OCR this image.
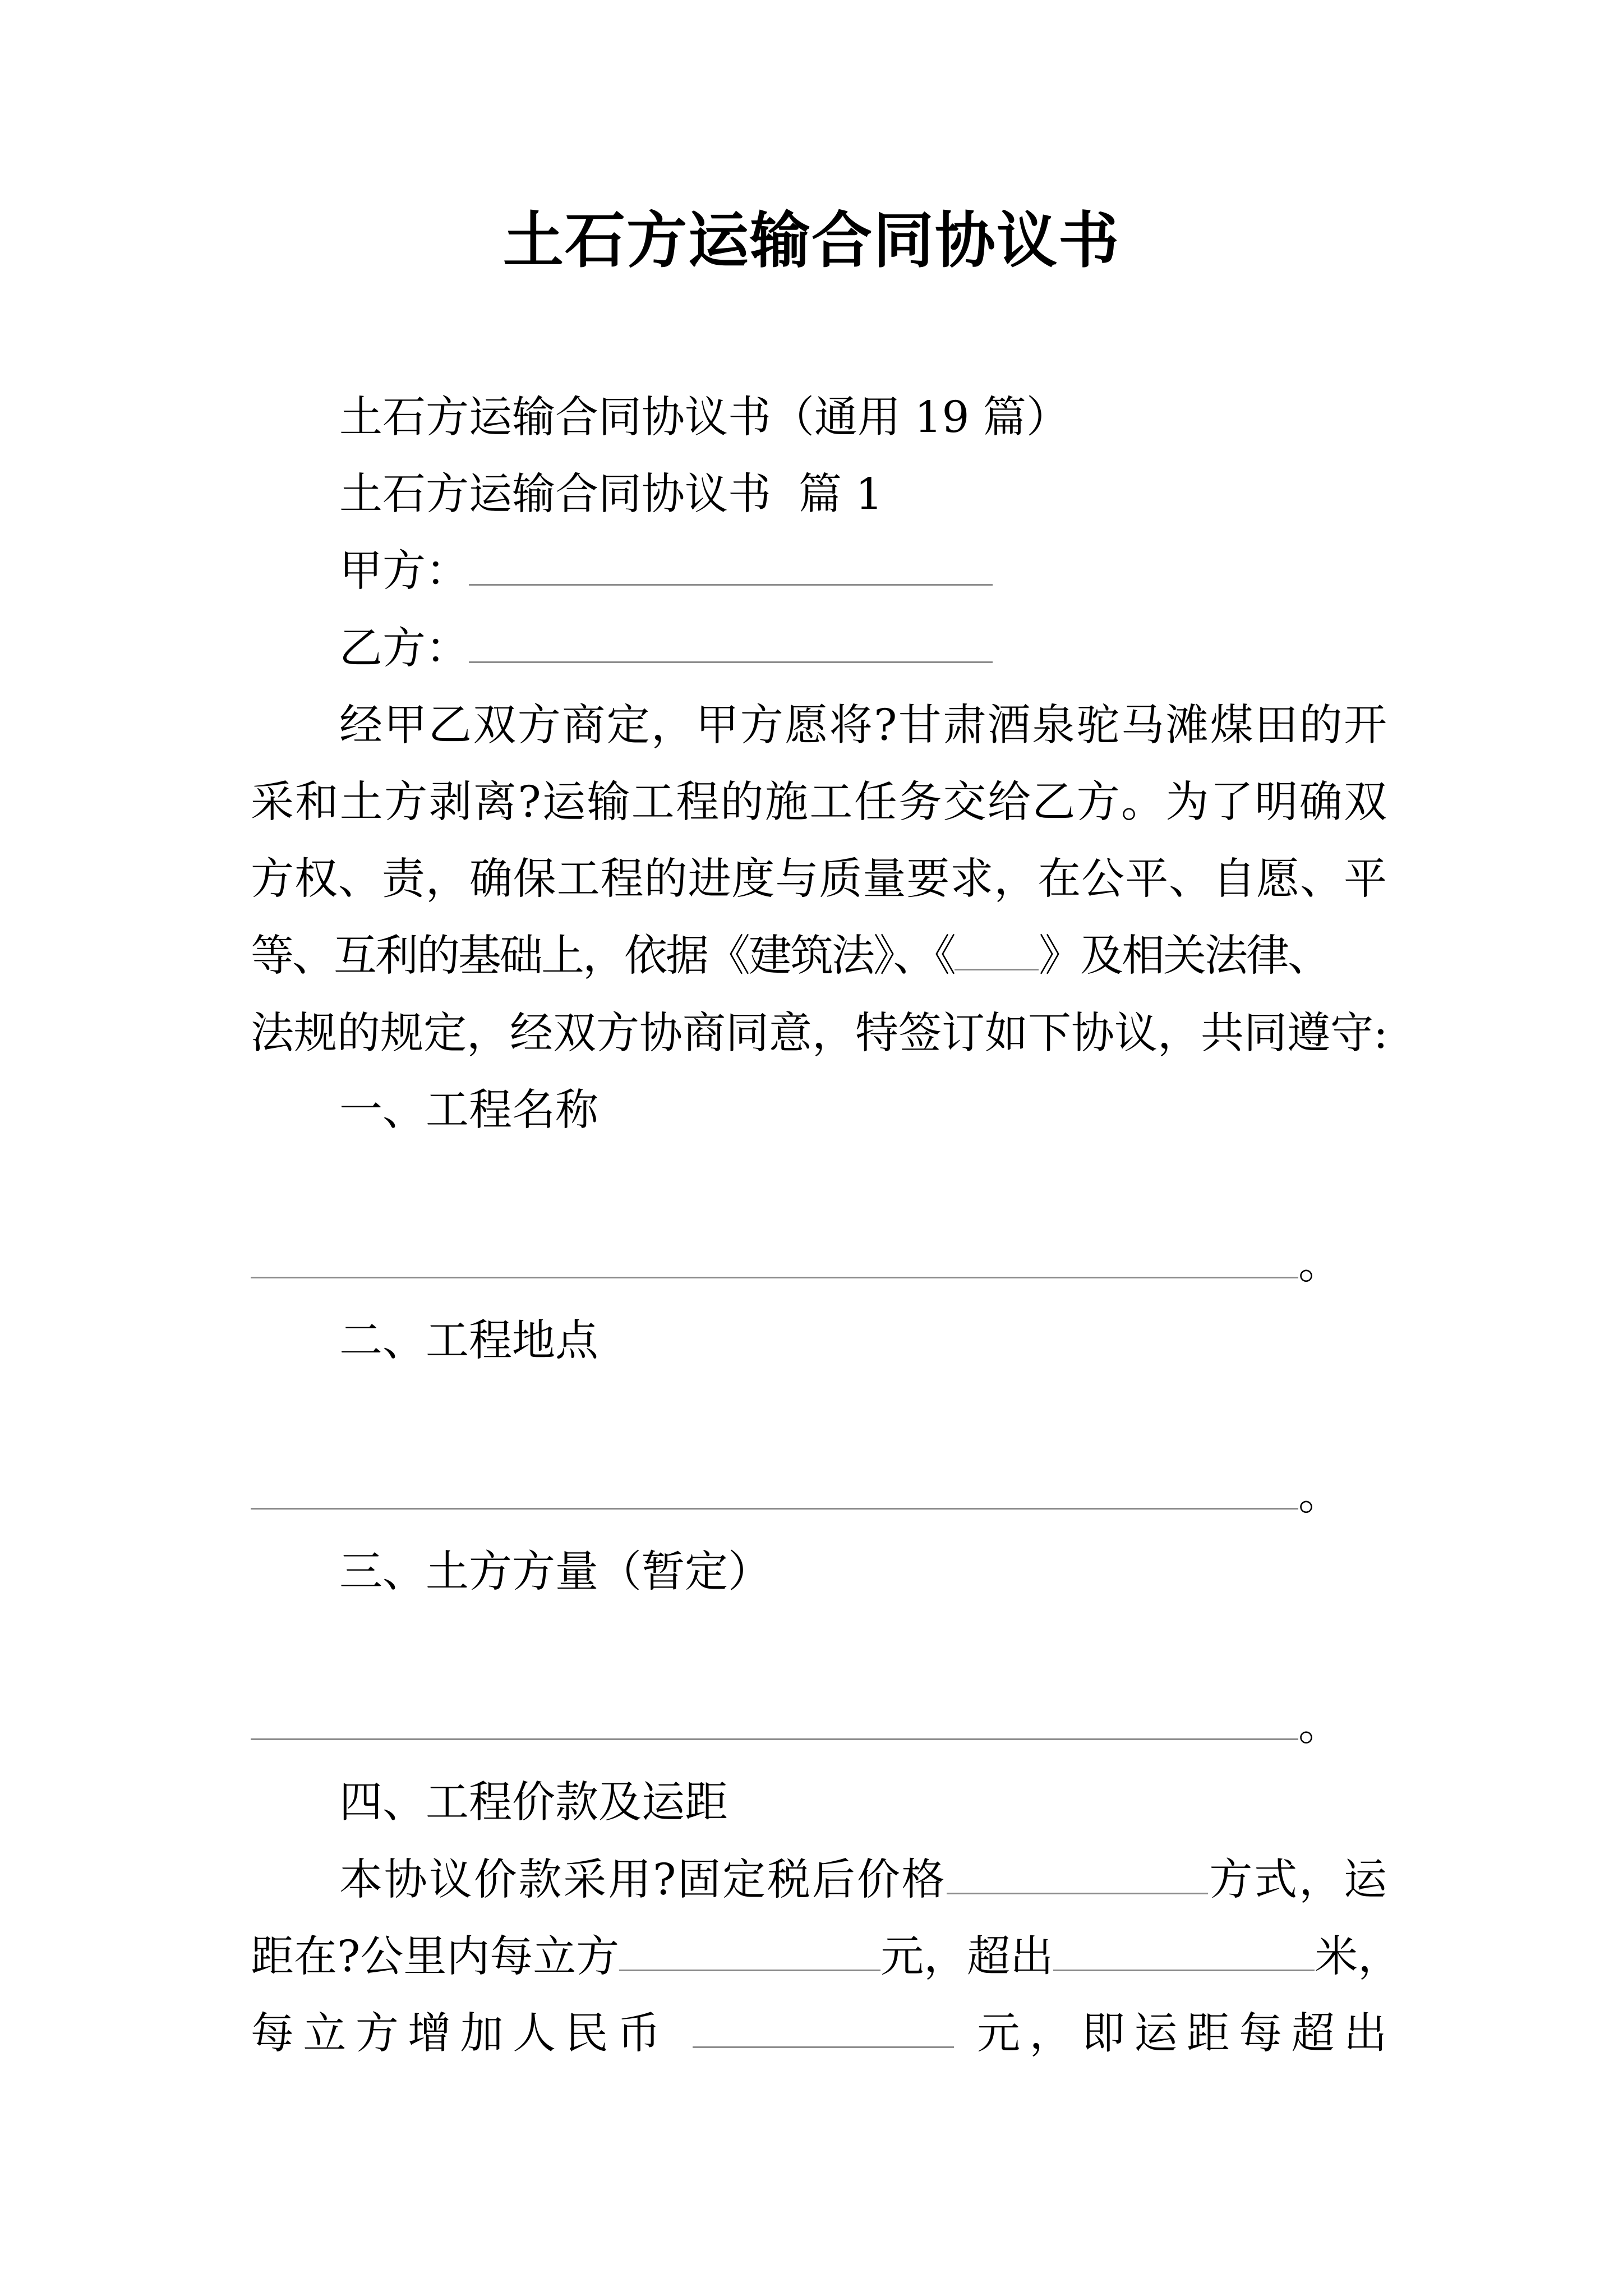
土石方运输合同协议书
土石方运输合同协议书（通用 19 篇）
土石方运输合同协议书  篇 1
甲方：
乙方：
经甲乙双方商定，甲方愿将?甘肃酒泉驼马滩煤田的开
采和土方剥离?运输工程的施工任务交给乙方。为了明确双
方权、责，确保工程的进度与质量要求，在公平、自愿、平
等、互利的基础上，依据《建筑法》、《 》及相关法律、
法规的规定，经双方协商同意，特签订如下协议，共同遵守:
一、工程名称
。
二、工程地点
。
三、土方方量（暂定）
。
四、工程价款及运距
本协议价款采用?固定税后价格	方式，运
距在?公里内每立方	元，超出	米，
每立方增加人民币	元，即运距每超出
